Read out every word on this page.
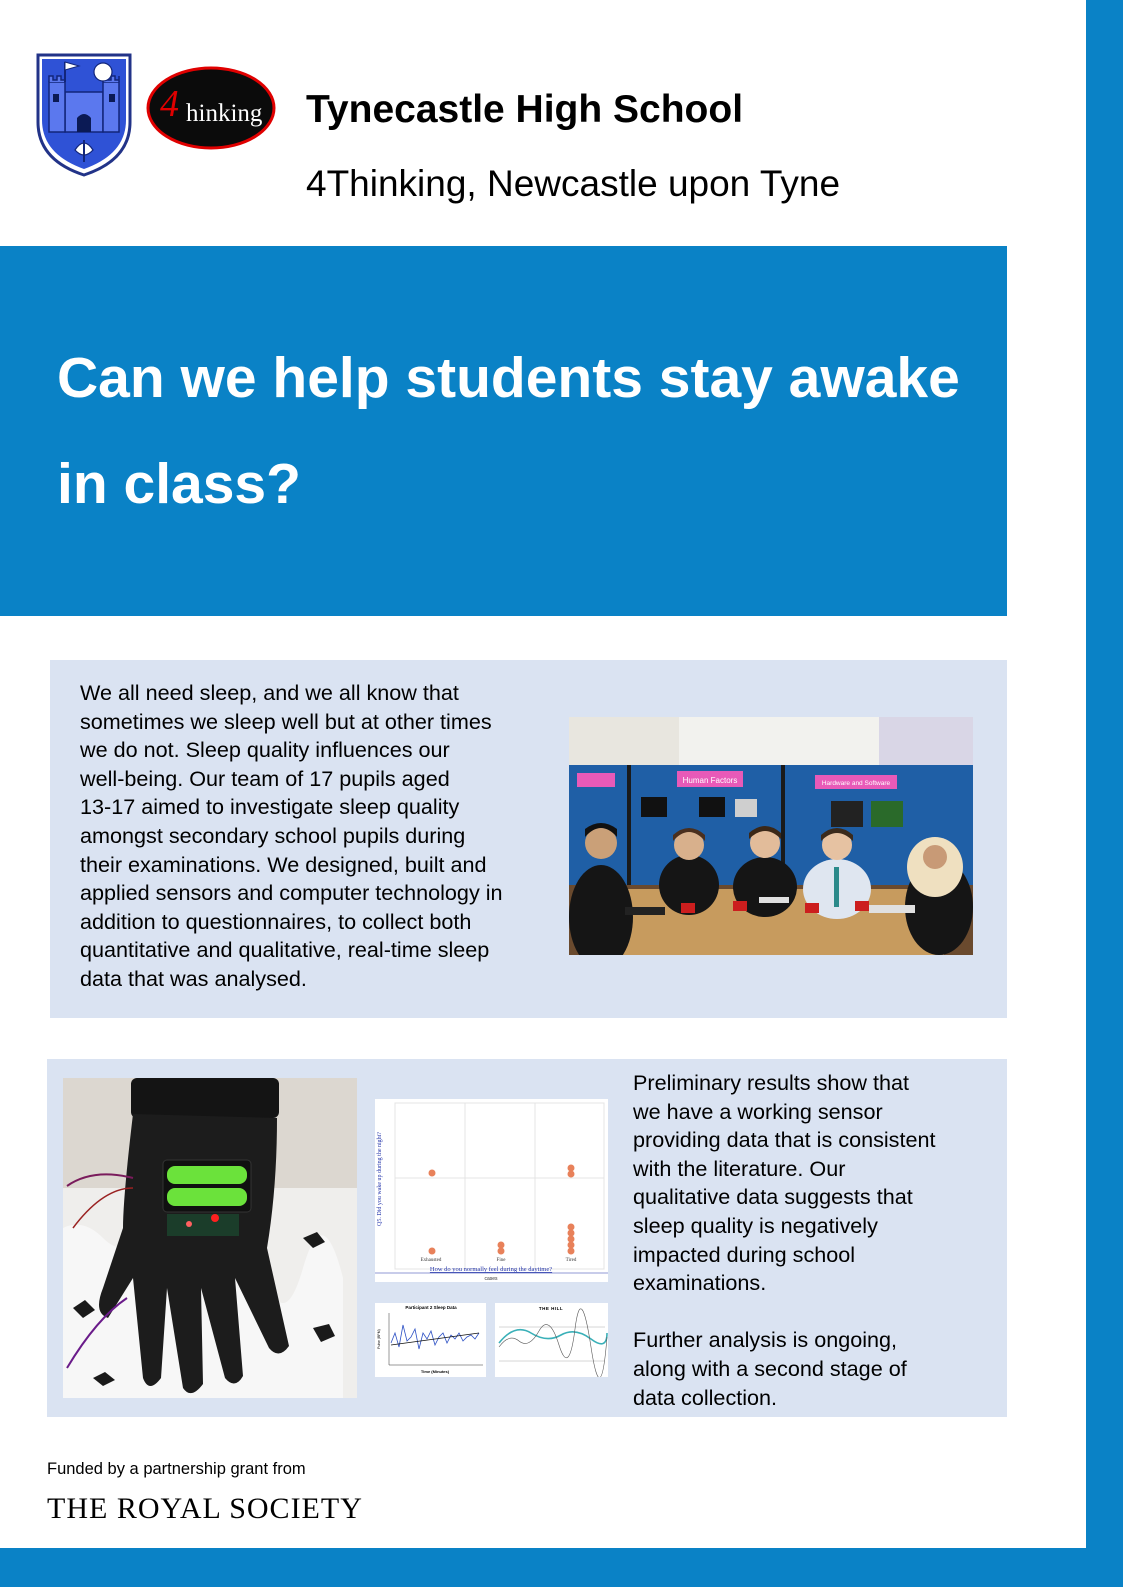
4 hinking Tynecastle High School
4Thinking, Newcastle upon Tyne
Can we help students stay awake
in class?
We all need sleep, and we all know that
sometimes we sleep well but at other times
we do not. Sleep quality influences our
well-being. Our team of 17 pupils aged
13-17 aimed to investigate sleep quality
amongst secondary school pupils during
their examinations. We designed, built and
applied sensors and computer technology in
addition to questionnaires, to collect both
quantitative and qualitative, real-time sleep
data that was analysed.
Human Factors	Hardware and Software
Q5. Did you wake up during the night?
Exhausted	Fine	Tired
How do you normally feel during the daytime?
cases
Participant 2 Sleep Data
Pulse (BPM)
Time (Minutes)
THE HILL
Preliminary results show that
we have a working sensor
providing data that is consistent
with the literature. Our
qualitative data suggests that
sleep quality is negatively
impacted during school
examinations.
Further analysis is ongoing,
along with a second stage of
data collection.
Funded by a partnership grant from
THE ROYAL SOCIETY
